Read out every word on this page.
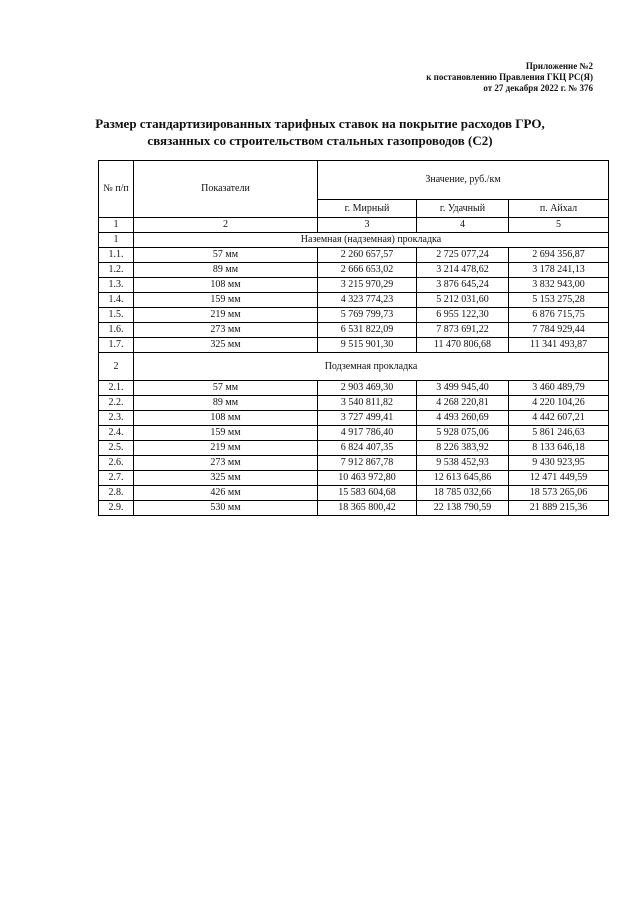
Приложение №2
к постановлению Правления ГКЦ РС(Я)
от 27 декабря 2022 г. № 376
Размер стандартизированных тарифных ставок на покрытие расходов ГРО,
связанных со строительством стальных газопроводов (С2)
№ п/п	Показатели	Значение, руб./км		
		г. Мирный	г. Удачный	п. Айхал
1	2	3	4	5
1	Наземная (надземная) прокладка			
1.1.	57 мм	2 260 657,57	2 725 077,24	2 694 356,87
1.2.	89 мм	2 666 653,02	3 214 478,62	3 178 241,13
1.3.	108 мм	3 215 970,29	3 876 645,24	3 832 943,00
1.4.	159 мм	4 323 774,23	5 212 031,60	5 153 275,28
1.5.	219 мм	5 769 799,73	6 955 122,30	6 876 715,75
1.6.	273 мм	6 531 822,09	7 873 691,22	7 784 929,44
1.7.	325 мм	9 515 901,30	11 470 806,68	11 341 493,87
2	Подземная прокладка			
2.1.	57 мм	2 903 469,30	3 499 945,40	3 460 489,79
2.2.	89 мм	3 540 811,82	4 268 220,81	4 220 104,26
2.3.	108 мм	3 727 499,41	4 493 260,69	4 442 607,21
2.4.	159 мм	4 917 786,40	5 928 075,06	5 861 246,63
2.5.	219 мм	6 824 407,35	8 226 383,92	8 133 646,18
2.6.	273 мм	7 912 867,78	9 538 452,93	9 430 923,95
2.7.	325 мм	10 463 972,80	12 613 645,86	12 471 449,59
2.8.	426 мм	15 583 604,68	18 785 032,66	18 573 265,06
2.9.	530 мм	18 365 800,42	22 138 790,59	21 889 215,36
